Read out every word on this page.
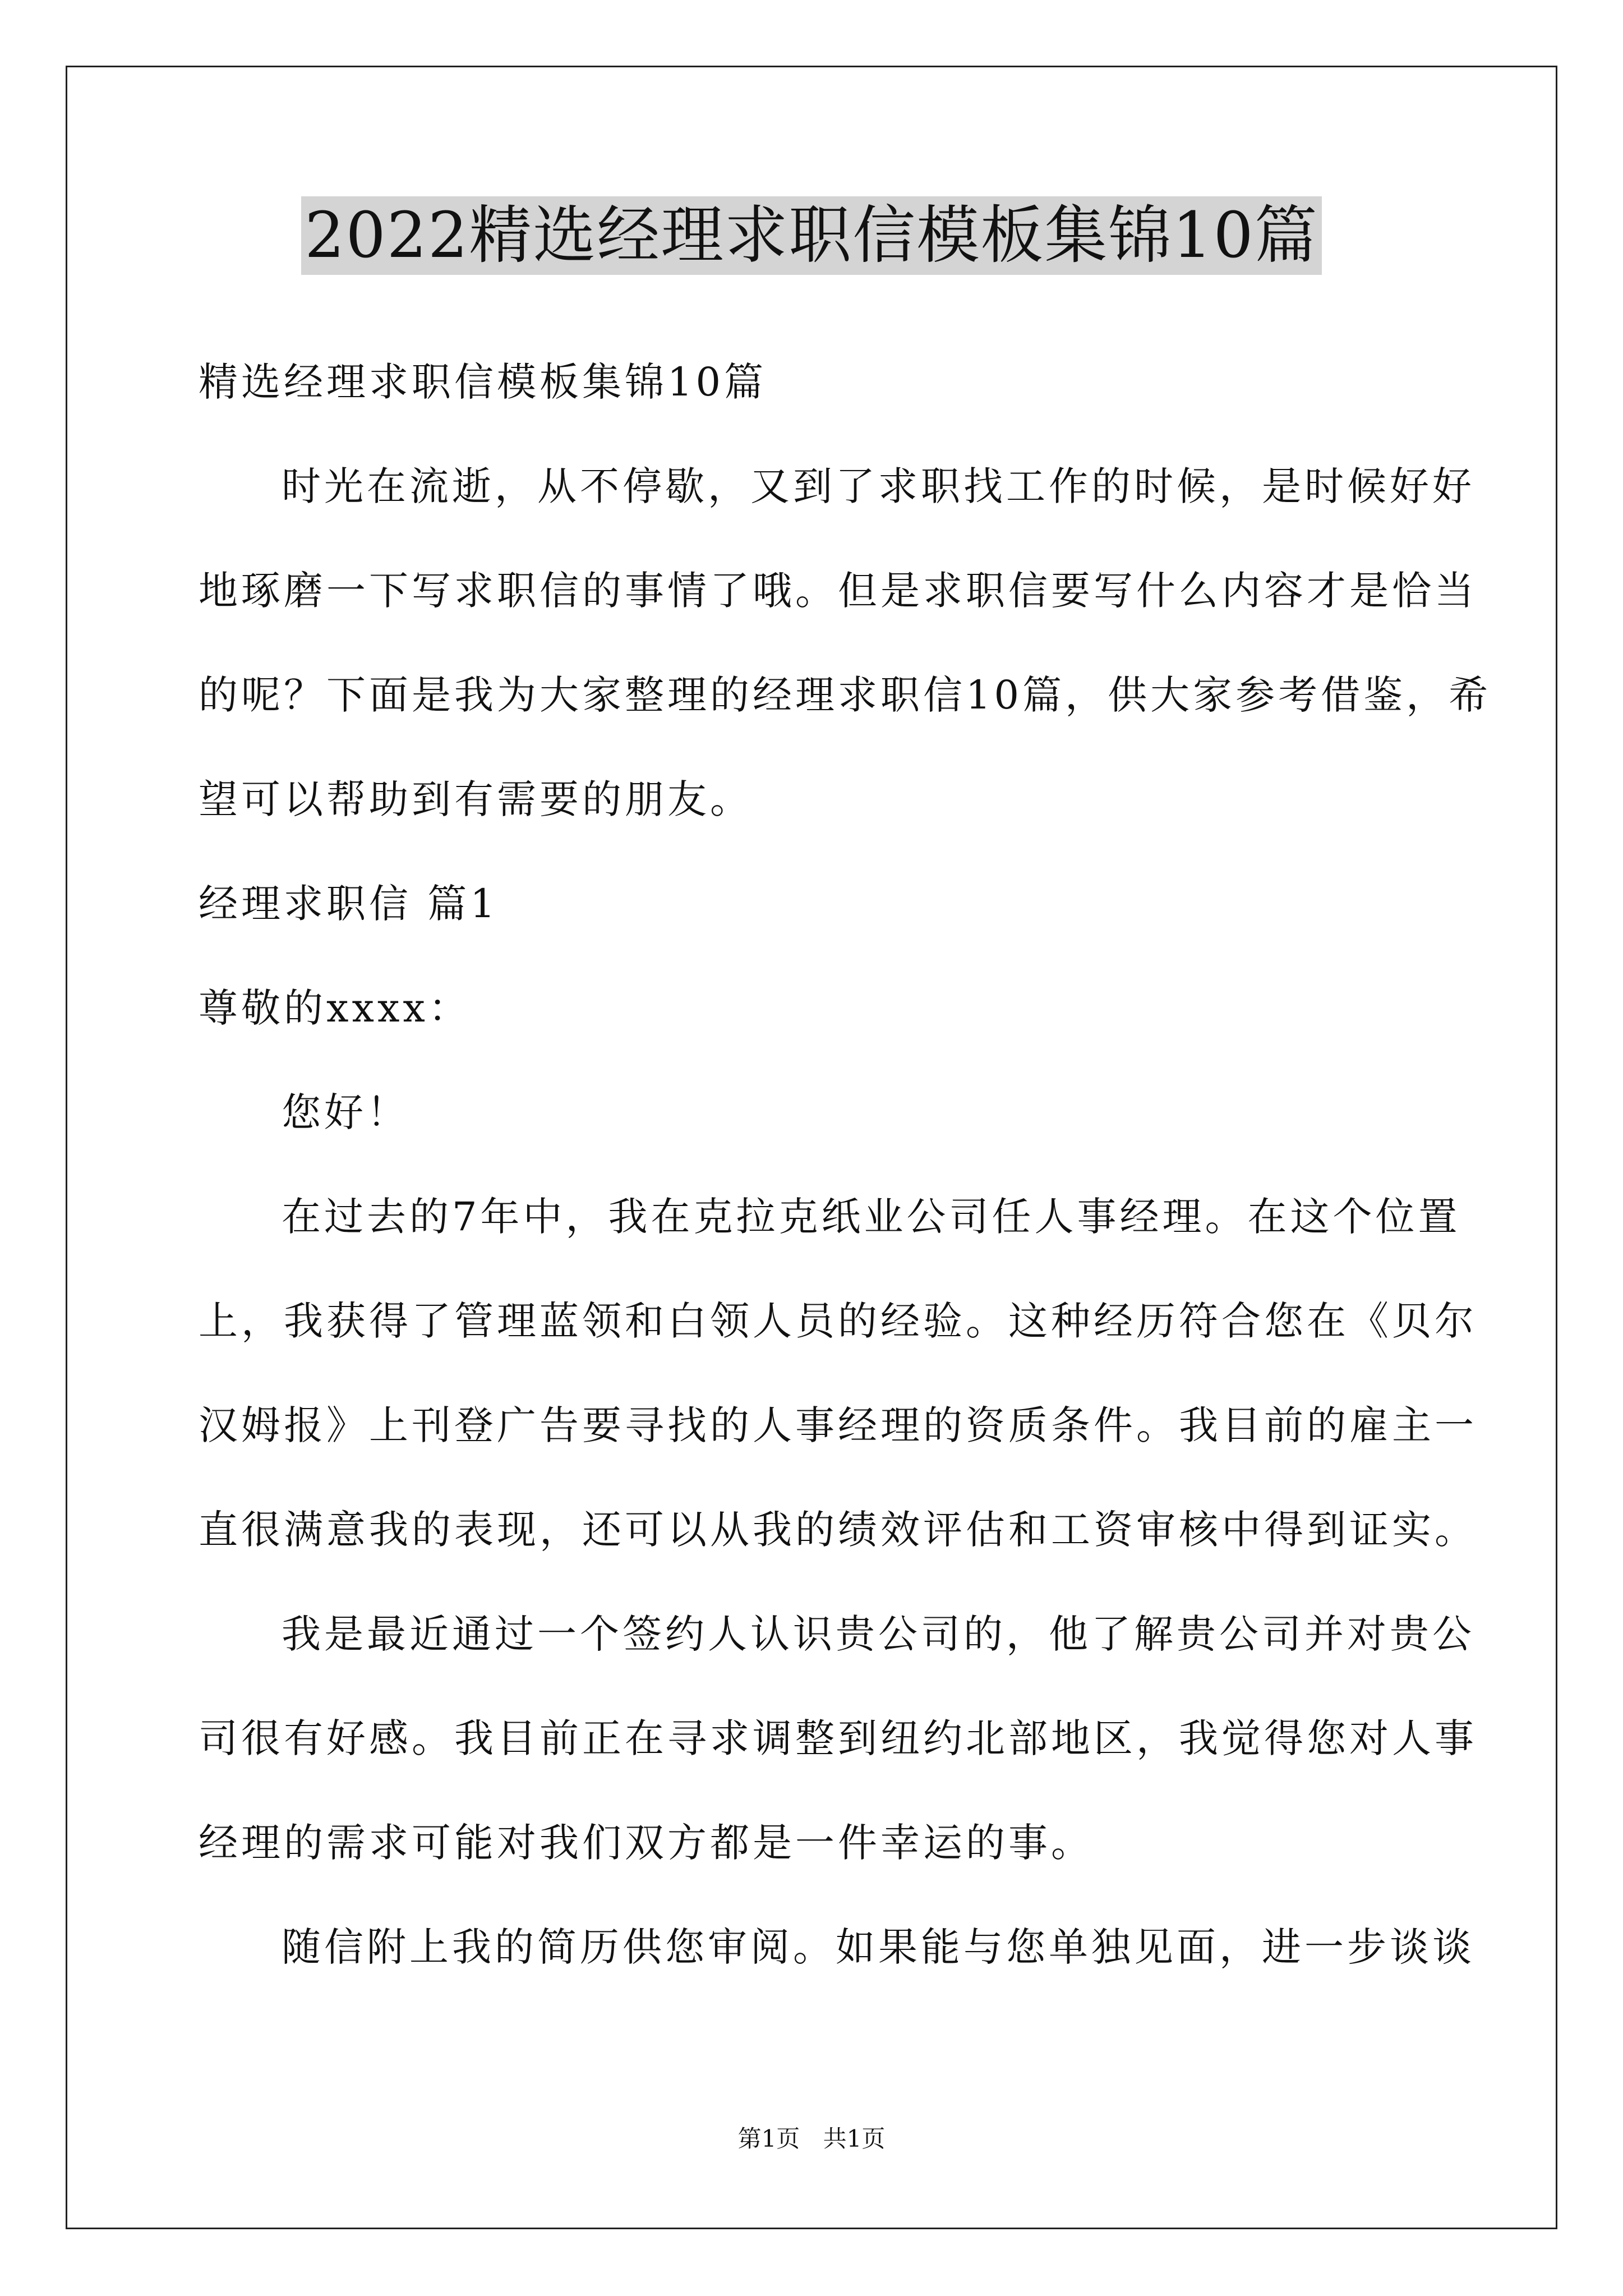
2022精选经理求职信模板集锦10篇
精选经理求职信模板集锦10篇
时光在流逝，从不停歇，又到了求职找工作的时候，是时候好好
地琢磨一下写求职信的事情了哦。但是求职信要写什么内容才是恰当
的呢？下面是我为大家整理的经理求职信10篇，供大家参考借鉴，希
望可以帮助到有需要的朋友。
经理求职信 篇1
尊敬的xxxx：
您好！
在过去的7年中，我在克拉克纸业公司任人事经理。在这个位置
上，我获得了管理蓝领和白领人员的经验。这种经历符合您在《贝尔
汉姆报》上刊登广告要寻找的人事经理的资质条件。我目前的雇主一
直很满意我的表现，还可以从我的绩效评估和工资审核中得到证实。
我是最近通过一个签约人认识贵公司的，他了解贵公司并对贵公
司很有好感。我目前正在寻求调整到纽约北部地区，我觉得您对人事
经理的需求可能对我们双方都是一件幸运的事。
随信附上我的简历供您审阅。如果能与您单独见面，进一步谈谈
第1页 共1页
